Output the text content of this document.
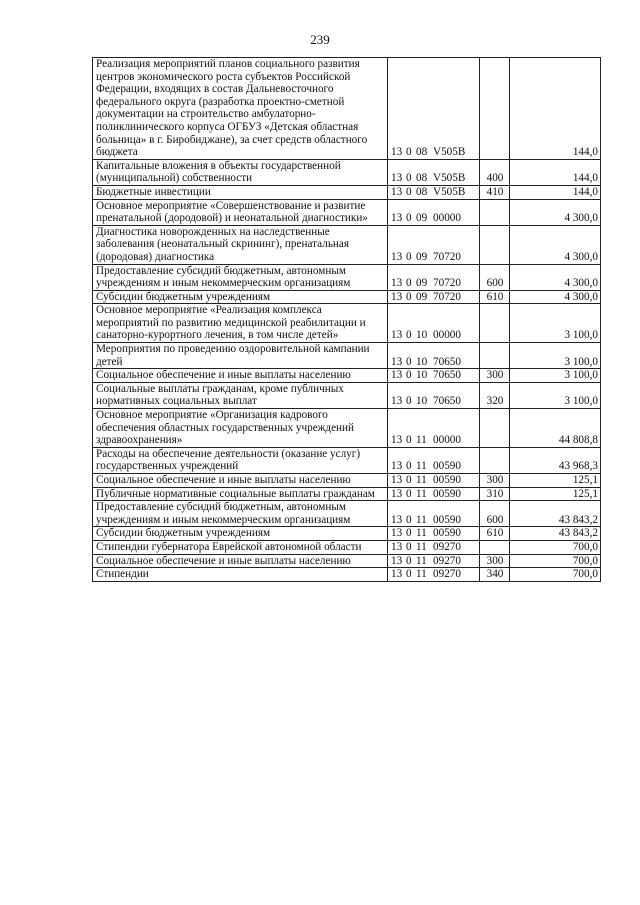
239
Реализация мероприятий планов социального развития центров экономического роста субъектов Российской Федерации, входящих в состав Дальневосточного федерального округа (разработка проектно-сметной документации на строительство амбулаторно-поликлинического корпуса ОГБУЗ «Детская областная больница» в г. Биробиджане), за счет средств областного бюджета	13 0 08 V505B		144,0
Капитальные вложения в объекты государственной (муниципальной) собственности	13 0 08 V505B	400	144,0
Бюджетные инвестиции	13 0 08 V505B	410	144,0
Основное мероприятие «Совершенствование и развитие пренатальной (дородовой) и неонатальной диагностики»	13 0 09 00000		4 300,0
Диагностика новорожденных на наследственные заболевания (неонатальный скрининг), пренатальная (дородовая) диагностика	13 0 09 70720		4 300,0
Предоставление субсидий бюджетным, автономным учреждениям и иным некоммерческим организациям	13 0 09 70720	600	4 300,0
Субсидии бюджетным учреждениям	13 0 09 70720	610	4 300,0
Основное мероприятие «Реализация комплекса мероприятий по развитию медицинской реабилитации и санаторно-курортного лечения, в том числе детей»	13 0 10 00000		3 100,0
Мероприятия по проведению оздоровительной кампании детей	13 0 10 70650		3 100,0
Социальное обеспечение и иные выплаты населению	13 0 10 70650	300	3 100,0
Социальные выплаты гражданам, кроме публичных нормативных социальных выплат	13 0 10 70650	320	3 100,0
Основное мероприятие «Организация кадрового обеспечения областных государственных учреждений здравоохранения»	13 0 11 00000		44 808,8
Расходы на обеспечение деятельности (оказание услуг) государственных учреждений	13 0 11 00590		43 968,3
Социальное обеспечение и иные выплаты населению	13 0 11 00590	300	125,1
Публичные нормативные социальные выплаты гражданам	13 0 11 00590	310	125,1
Предоставление субсидий бюджетным, автономным учреждениям и иным некоммерческим организациям	13 0 11 00590	600	43 843,2
Субсидии бюджетным учреждениям	13 0 11 00590	610	43 843,2
Стипендии губернатора Еврейской автономной области	13 0 11 09270		700,0
Социальное обеспечение и иные выплаты населению	13 0 11 09270	300	700,0
Стипендии	13 0 11 09270	340	700,0
